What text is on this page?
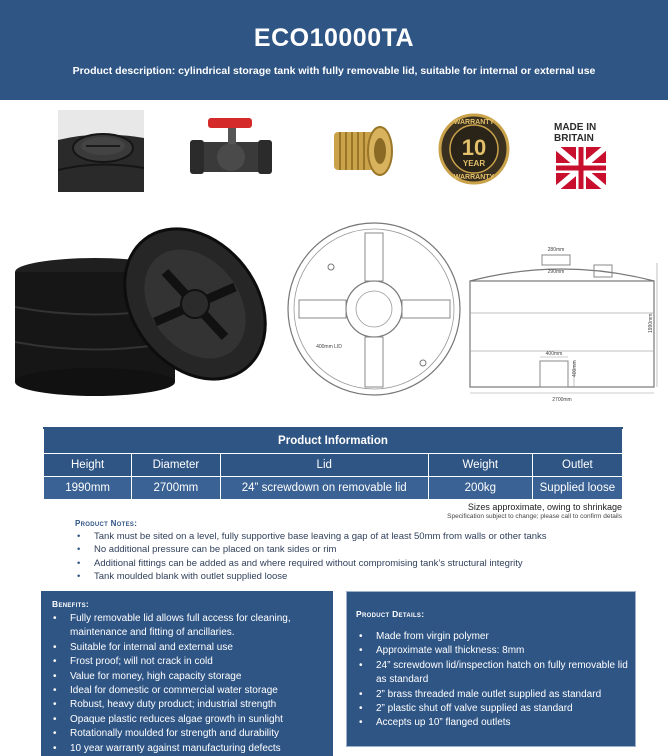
ECO10000TA

Product description: cylindrical storage tank with fully removable lid, suitable for internal or external use

WARRANTY
10
YEAR
WARRANTY
MADE IN
BRITAIN
400mm LID
280mm
290mm
400mm
400mm
2700mm
1990mm
Product Information				
Height	Diameter	Lid	Weight	Outlet
1990mm	2700mm	24” screwdown on removable lid	200kg	Supplied loose
Sizes approximate, owing to shrinkage
Specification subject to change; please call to confirm details
Product Notes:
• Tank must be sited on a level, fully supportive base leaving a gap of at least 50mm from walls or other tanks
• No additional pressure can be placed on tank sides or rim
• Additional fittings can be added as and where required without compromising tank’s structural integrity
• Tank moulded blank with outlet supplied loose
Benefits:
• Fully removable lid allows full access for cleaning, maintenance and fitting of ancillaries.
• Suitable for internal and external use
• Frost proof; will not crack in cold
• Value for money, high capacity storage
• Ideal for domestic or commercial water storage
• Robust, heavy duty product; industrial strength
• Opaque plastic reduces algae growth in sunlight
• Rotationally moulded for strength and durability
• 10 year warranty against manufacturing defects
Product Details:
• Made from virgin polymer
• Approximate wall thickness: 8mm
• 24” screwdown lid/inspection hatch on fully removable lid as standard
• 2” brass threaded male outlet supplied as standard
• 2” plastic shut off valve supplied as standard
• Accepts up 10” flanged outlets
